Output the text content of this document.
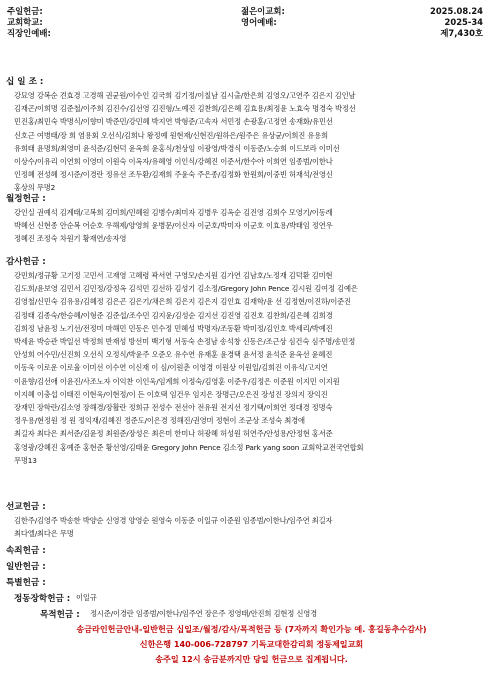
주일헌금:
교회학교:
직장인예배:
젊은이교회:
영어예배:
2025.08.24
2025-34
제7,430호
십 일 조 :
강묘영 강복순 견효경 고경해 권균원/이수인 김국희 김기정/이칠남 김시출/한은희 김영오/고연주 김은지 김인남
김재곤/이희명 김준철/이주희 김진수/김선영 김진형/노예진 김찬희/김은혜 김효용/최정윤 노효숙 명경숙 박정선
민진홍/최민숙 박명식/이향미 박준민/강민혜 박지연 박형준/고속자 서민정 손광훈/고정연 송재화/유민선
신호근 여병태/장 희 염용회 오선식/김희나 왕정예 원현재/신현진/원하은/원주은 유상균/이희진 유용희
유희태 윤명희/최영미 윤석준/김현덕 윤옥희 윤홍식/천상임 이광영/박경식 이동준/노승희 이드보라 이미선
이상수/이유리 이연희 이영미 이원숙 이옥자/유혜영 이인식/강혜진 이준서/한수아 이희연 임종범/이한나
인정혜 전성혜 정시준/이경란 정유선 조두환/김재희 주윤숙 주은종/김정화 한원희/이중빈 허재석/전영신
홍상의 무명2
월정헌금 :
강인실 권예석 김계태/고복희 김미희/민혜원 김병수/최미자 김병우 김옥순 김진영 김희수 모영기/이동례
박혜선 신현종 안순복 어순호 우해제/양영희 윤병문/이신자 이군호/박미자 이군호 이효용/박태임 정연우
정혜진 조정숙 차원기 황재연/송자영
감사헌금 :
강민희/정규황 고기정 고민서 고재영 고혜령 곽서연 구영모/손지원 김가연 김남호/노정재 김덕환 김미현
김도희/윤보영 김민서 김민정/강정옥 김석민 김선하 김성기 김소정/Gregory John Pence 김시원 김여정 김예은
김영철/신민숙 김유용/김혜정 김은곤 김은기/채은희 김은지 김은지 김인효 김재학/윤 선 김정현/이진하/이준진
김정태 김종숙/한승혜/이형준 김준섭/조수민 김지윤/김성순 김지선 김진영 김진호 김찬희/김은혜 김희경
김희정 남윤정 노기선/전정미 마해민 민동은 민수정 민혜성 박명자/조동환 박미정/김인호 박세리/박예진
박세윤 박승관 박일선 박정희 반재성 방선미 백기형 서동숙 손정남 송석창 신동은/조근상 심건숙 심주명/송민정
안성희 어수민/신진희 오선식 오정식/박윤주 오준오 유수연 유재훈 윤경택 윤서정 윤석준 윤옥선 윤혜진
이동욱 이로운 이로율 이미선 이수연 이신재 이 심/이원춘 이영경 이원상 이원일/김희진 이유석/고지연
이윤향/김선애 이윤진/사조노자 이익찬 이인욱/임계희 이정숙/김영훈 이준우/김정은 이준원 이지민 이지원
이지혜 이충섭 이태진 이현욱/이현정/이 든 이호택 임건우 임지은 장명근/오은진 장성진 장의지 장익진
장재민 장학란/김소영 장해경/장활란 정희규 전성수 전선아 전유원 전지선 정기택/이희연 정대경 정명숙
정우용/현정원 정 원 정익재/김혜진 정준도/이은경 정해진/권영미 정현이 조군상 조성숙 최경애
최길자 최다은 최서준/김윤정 최원준/장성은 최은미 한미나 허광혜 허성원 허연주/안성용/안정현 홍서준
홍영광/강혜진 홍예준 홍현준 황선영/김태윤 Gregory John Pence 김소정 Park yang soon 교회학교전국연합회
무명13
선교헌금 :
김한주/김영주 박송한 박양순 신영경 양영순 원영숙 이동준 이일규 이준원 임종범/이한나/임주연 최길자
최다엘/최다은 무명
속죄헌금 :
일반헌금 :
특별헌금 :
정동장학헌금 : 이일규
목적헌금 : 정시준/이경란 임종범/이한나/임주연 장은주 정영태/안진희 김현정 신영경
송금라인헌금안내-일반헌금 십일조/월정/감사/목적헌금 등 (7자까지 확인가능 예. 홍길동추수감사)
신한은행 140-006-728797 기독교대한감리회 정동제일교회
송주일 12시 송금분까지만 당일 헌금으로 집계됩니다.
